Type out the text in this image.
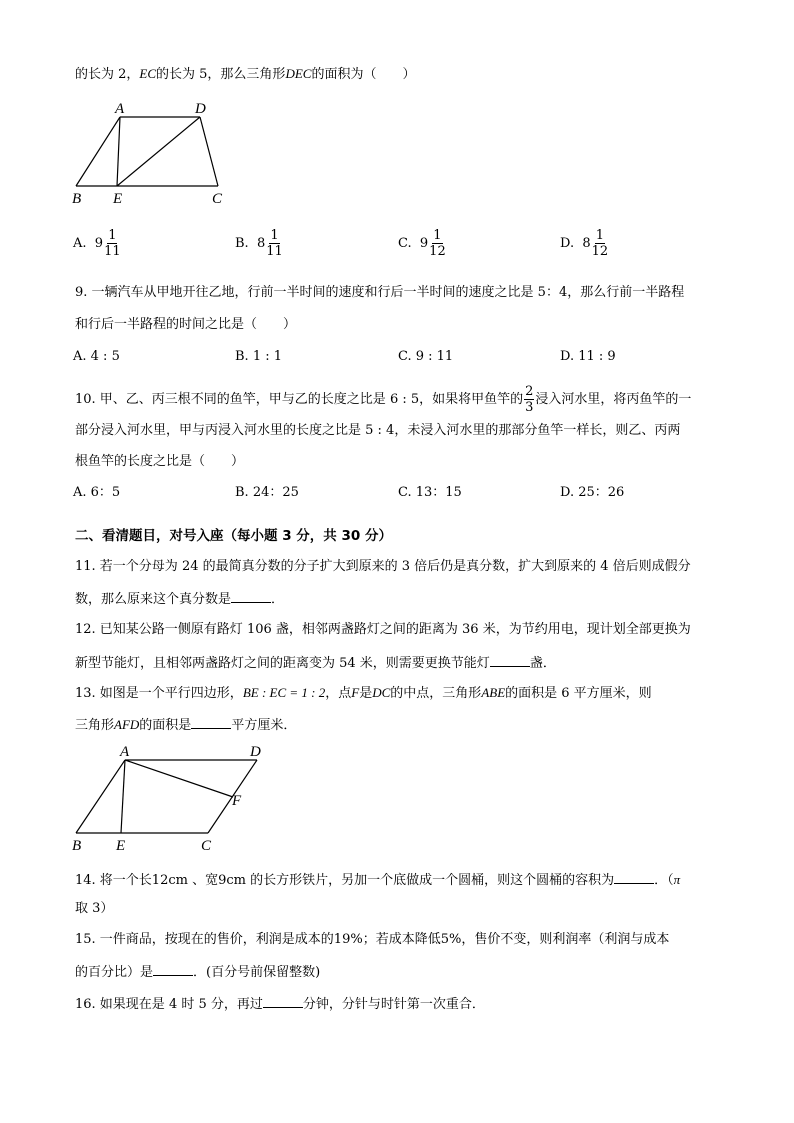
的长为 2，EC的长为 5，那么三角形DEC的面积为（　　）
A	D
B E	C
A. $9 \frac{1}{11}$	B. $8 \frac{1}{11}$	C. $9 \frac{1}{12}$	D. $8 \frac{1}{12}$
9. 一辆汽车从甲地开往乙地，行前一半时间的速度和行后一半时间的速度之比是 5：4，那么行前一半路程
和行后一半路程的时间之比是（　　）
A. 4 : 5	B. 1 : 1	C. 9 : 11	D. 11 : 9
10. 甲、乙、丙三根不同的鱼竿，甲与乙的长度之比是 6 : 5，如果将甲鱼竿的 $\frac{2}{3}$ 浸入河水里，将丙鱼竿的一
部分浸入河水里，甲与丙浸入河水里的长度之比是 5 : 4，未浸入河水里的那部分鱼竿一样长，则乙、丙两
根鱼竿的长度之比是（　　）
A. 6：5	B. 24：25	C. 13：15	D. 25：26
二、看清题目，对号入座（每小题 3 分，共 30 分）
11. 若一个分母为 24 的最简真分数的分子扩大到原来的 3 倍后仍是真分数，扩大到原来的 4 倍后则成假分
数，那么原来这个真分数是	．
12. 已知某公路一侧原有路灯 106 盏，相邻两盏路灯之间的距离为 36 米，为节约用电，现计划全部更换为
新型节能灯，且相邻两盏路灯之间的距离变为 54 米，则需要更换节能灯	盏．
13. 如图是一个平行四边形，BE : EC = 1 : 2，点F是DC的中点，三角形ABE的面积是 6 平方厘米，则
三角形AFD的面积是	平方厘米．
A	D
F
B E	C
14. 将一个长12cm 、宽9cm 的长方形铁片，另加一个底做成一个圆桶，则这个圆桶的容积为	．（π
取 3）
15. 一件商品，按现在的售价，利润是成本的19%；若成本降低5%，售价不变，则利润率（利润与成本
的百分比）是	．(百分号前保留整数)
16. 如果现在是 4 时 5 分，再过	分钟，分针与时针第一次重合．
